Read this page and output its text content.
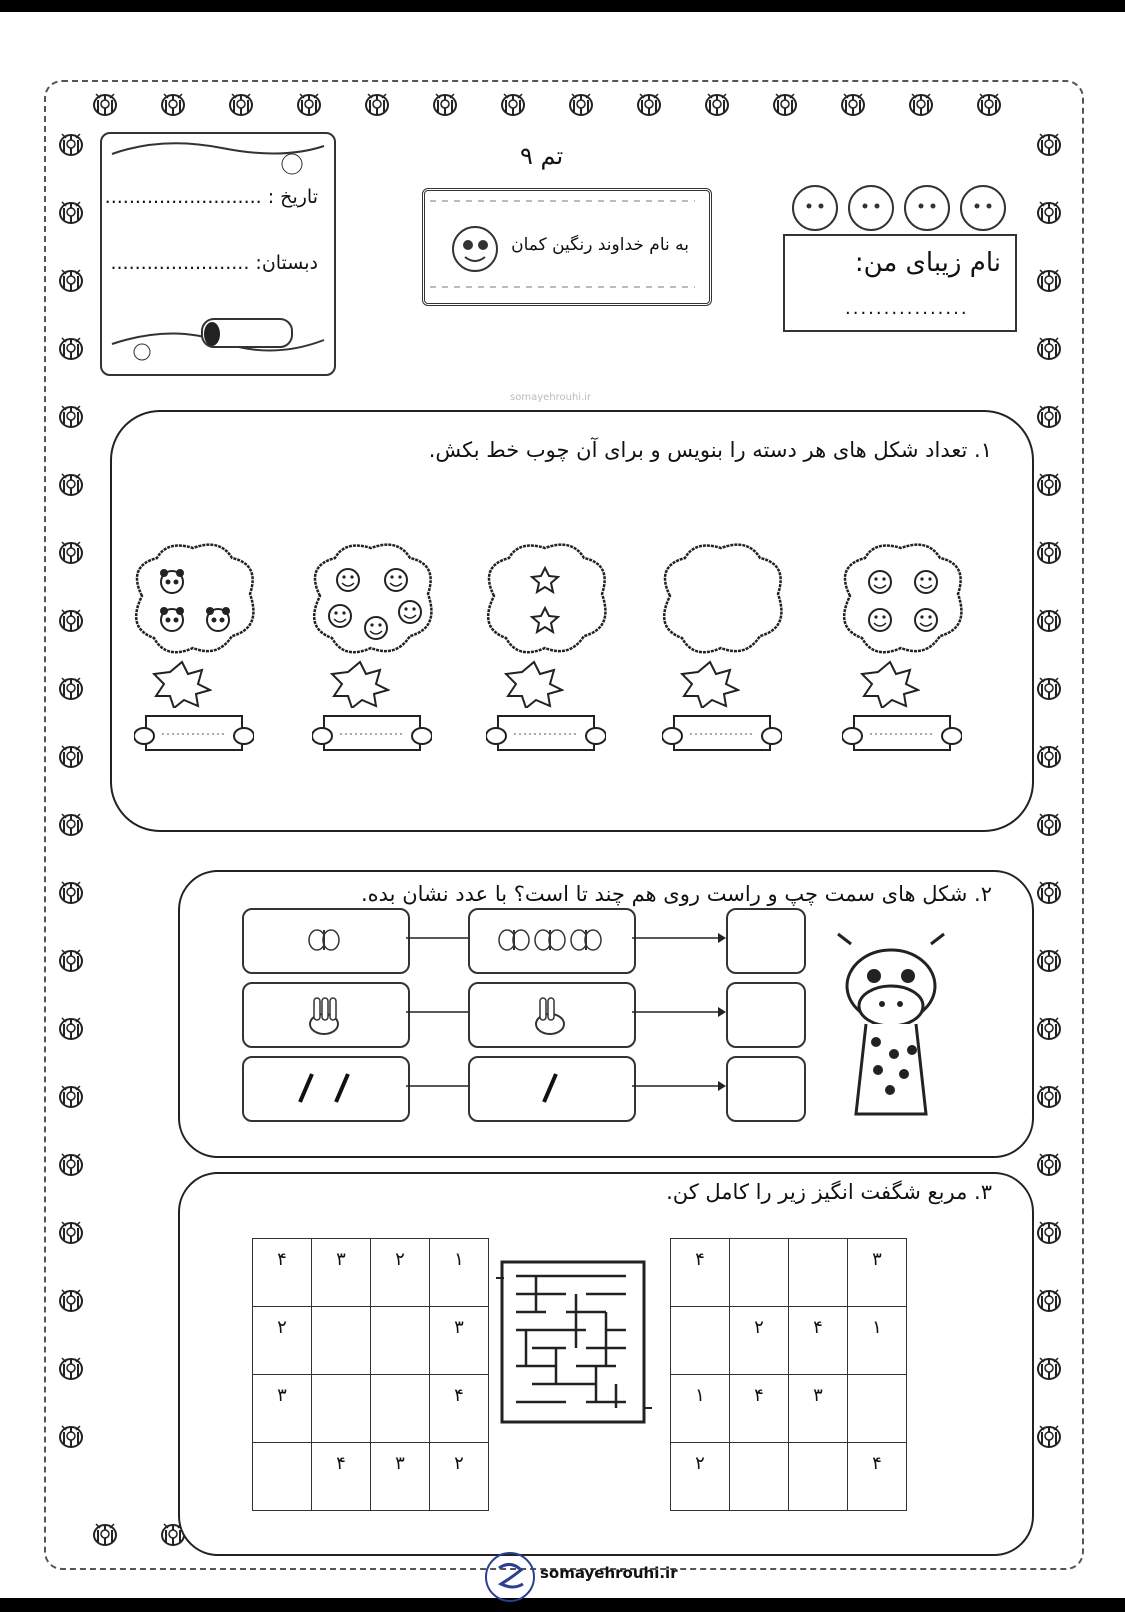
تاریخ : ..........................
دبستان: .......................
تم ۹
به نام خداوند رنگین کمان
somayehrouhi.ir
نام زیبای من:
................
۱. تعداد شکل های هر دسته را بنویس و برای آن چوب خط بکش.
۲. شکل های سمت چپ و راست روی هم چند تا است؟ با عدد نشان بده.
۳. مربع شگفت انگیز زیر را کامل کن.
۴	۳	۲	۱
۲			۳
۳			۴
	۴	۳	۲
۴			۳
	۲	۴	۱
۱	۴	۳	
۲			۴
somayehrouhi.ir
